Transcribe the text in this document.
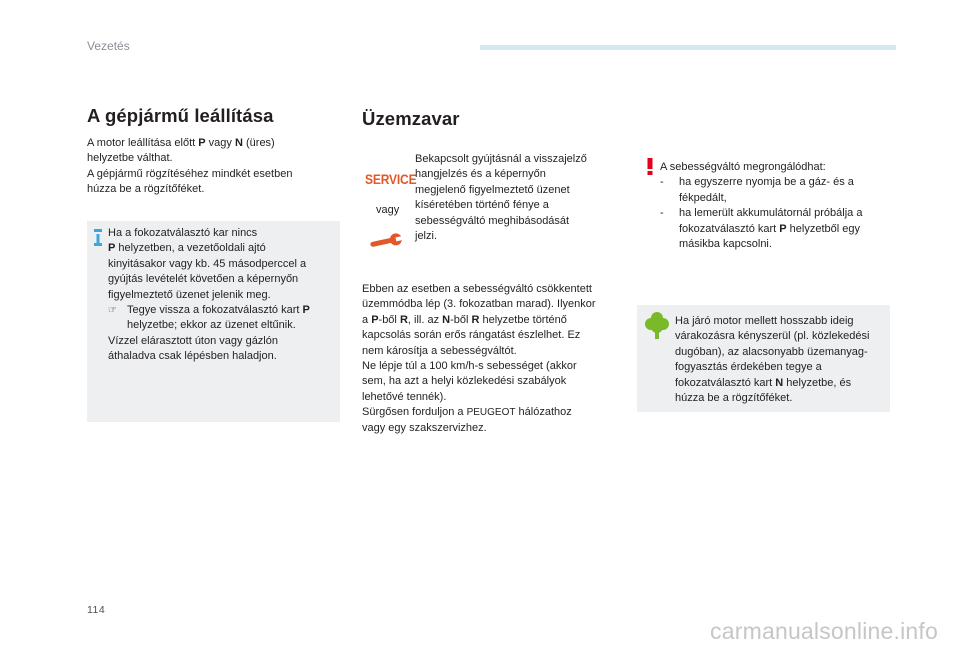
Vezetés
A gépjármű leállítása
A motor leállítása előtt P vagy N (üres)
helyzetbe válthat.
A gépjármű rögzítéséhez mindkét esetben
húzza be a rögzítőféket.
Ha a fokozatválasztó kar nincs
P helyzetben, a vezetőoldali ajtó
kinyitásakor vagy kb. 45 másodperccel a
gyújtás levételét követően a képernyőn
figyelmeztető üzenet jelenik meg.
☞ Tegye vissza a fokozatválasztó kart P
helyzetbe; ekkor az üzenet eltűnik.
Vízzel elárasztott úton vagy gázlón
áthaladva csak lépésben haladjon.
Üzemzavar
SERVICE
vagy
Bekapcsolt gyújtásnál a visszajelző
hangjelzés és a képernyőn
megjelenő figyelmeztető üzenet
kíséretében történő fénye a
sebességváltó meghibásodását
jelzi.
Ebben az esetben a sebességváltó csökkentett
üzemmódba lép (3. fokozatban marad). Ilyenkor
a P-ből R, ill. az N-ből R helyzetbe történő
kapcsolás során erős rángatást észlelhet. Ez
nem károsítja a sebességváltót.
Ne lépje túl a 100 km/h-s sebességet (akkor
sem, ha azt a helyi közlekedési szabályok
lehetővé tennék).
Sürgősen forduljon a PEUGEOT hálózathoz
vagy egy szakszervizhez.
A sebességváltó megrongálódhat:
-	ha egyszerre nyomja be a gáz- és a
fékpedált,
-	ha lemerült akkumulátornál próbálja a
fokozatválasztó kart P helyzetből egy
másikba kapcsolni.
Ha járó motor mellett hosszabb ideig
várakozásra kényszerül (pl. közlekedési
dugóban), az alacsonyabb üzemanyag-
fogyasztás érdekében tegye a
fokozatválasztó kart N helyzetbe, és
húzza be a rögzítőféket.
114
carmanualsonline.info
